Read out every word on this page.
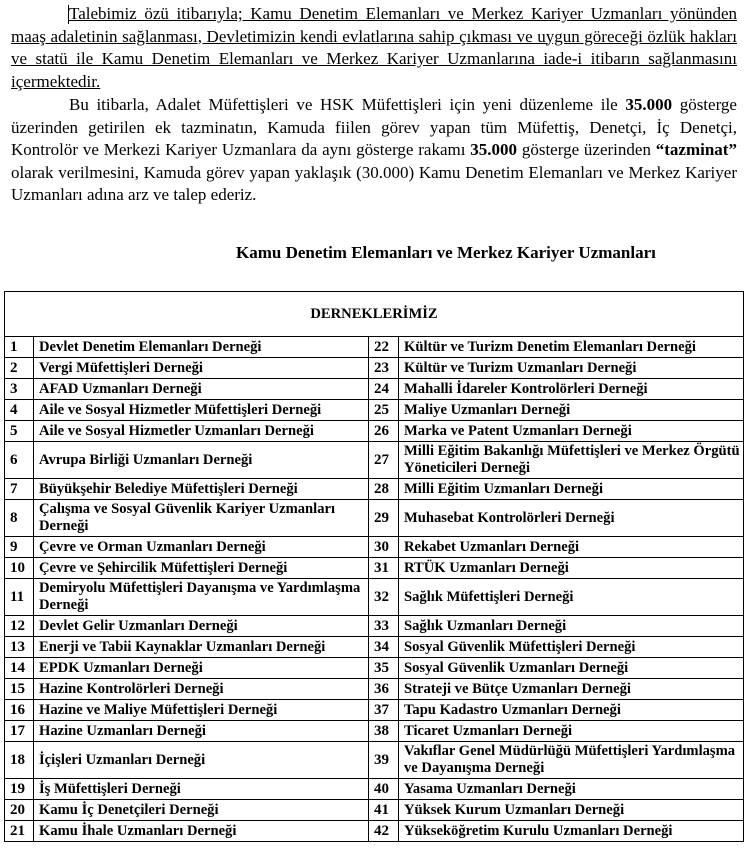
Talebimiz özü itibarıyla; Kamu Denetim Elemanları ve Merkez Kariyer Uzmanları yönünden maaş adaletinin sağlanması, Devletimizin kendi evlatlarına sahip çıkması ve uygun göreceği özlük hakları ve statü ile Kamu Denetim Elemanları ve Merkez Kariyer Uzmanlarına iade-i itibarın sağlanmasını içermektedir.

Bu itibarla, Adalet Müfettişleri ve HSK Müfettişleri için yeni düzenleme ile 35.000 gösterge üzerinden getirilen ek tazminatın, Kamuda fiilen görev yapan tüm Müfettiş, Denetçi, İç Denetçi, Kontrolör ve Merkezi Kariyer Uzmanlara da aynı gösterge rakamı 35.000 gösterge üzerinden “tazminat” olarak verilmesini, Kamuda görev yapan yaklaşık (30.000) Kamu Denetim Elemanları ve Merkez Kariyer Uzmanları adına arz ve talep ederiz.

Kamu Denetim Elemanları ve Merkez Kariyer Uzmanları
DERNEKLERİMİZ			
1	Devlet Denetim Elemanları Derneği	22	Kültür ve Turizm Denetim Elemanları Derneği
2	Vergi Müfettişleri Derneği	23	Kültür ve Turizm Uzmanları Derneği
3	AFAD Uzmanları Derneği	24	Mahalli İdareler Kontrolörleri Derneği
4	Aile ve Sosyal Hizmetler Müfettişleri Derneği	25	Maliye Uzmanları Derneği
5	Aile ve Sosyal Hizmetler Uzmanları Derneği	26	Marka ve Patent Uzmanları Derneği
6	Avrupa Birliği Uzmanları Derneği	27	Milli Eğitim Bakanlığı Müfettişleri ve Merkez Örgütü Yöneticileri Derneği
7	Büyükşehir Belediye Müfettişleri Derneği	28	Milli Eğitim Uzmanları Derneği
8	Çalışma ve Sosyal Güvenlik Kariyer Uzmanları Derneği	29	Muhasebat Kontrolörleri Derneği
9	Çevre ve Orman Uzmanları Derneği	30	Rekabet Uzmanları Derneği
10	Çevre ve Şehircilik Müfettişleri Derneği	31	RTÜK Uzmanları Derneği
11	Demiryolu Müfettişleri Dayanışma ve Yardımlaşma Derneği	32	Sağlık Müfettişleri Derneği
12	Devlet Gelir Uzmanları Derneği	33	Sağlık Uzmanları Derneği
13	Enerji ve Tabii Kaynaklar Uzmanları Derneği	34	Sosyal Güvenlik Müfettişleri Derneği
14	EPDK Uzmanları Derneği	35	Sosyal Güvenlik Uzmanları Derneği
15	Hazine Kontrolörleri Derneği	36	Strateji ve Bütçe Uzmanları Derneği
16	Hazine ve Maliye Müfettişleri Derneği	37	Tapu Kadastro Uzmanları Derneği
17	Hazine Uzmanları Derneği	38	Ticaret Uzmanları Derneği
18	İçişleri Uzmanları Derneği	39	Vakıflar Genel Müdürlüğü Müfettişleri Yardımlaşma ve Dayanışma Derneği
19	İş Müfettişleri Derneği	40	Yasama Uzmanları Derneği
20	Kamu İç Denetçileri Derneği	41	Yüksek Kurum Uzmanları Derneği
21	Kamu İhale Uzmanları Derneği	42	Yükseköğretim Kurulu Uzmanları Derneği
